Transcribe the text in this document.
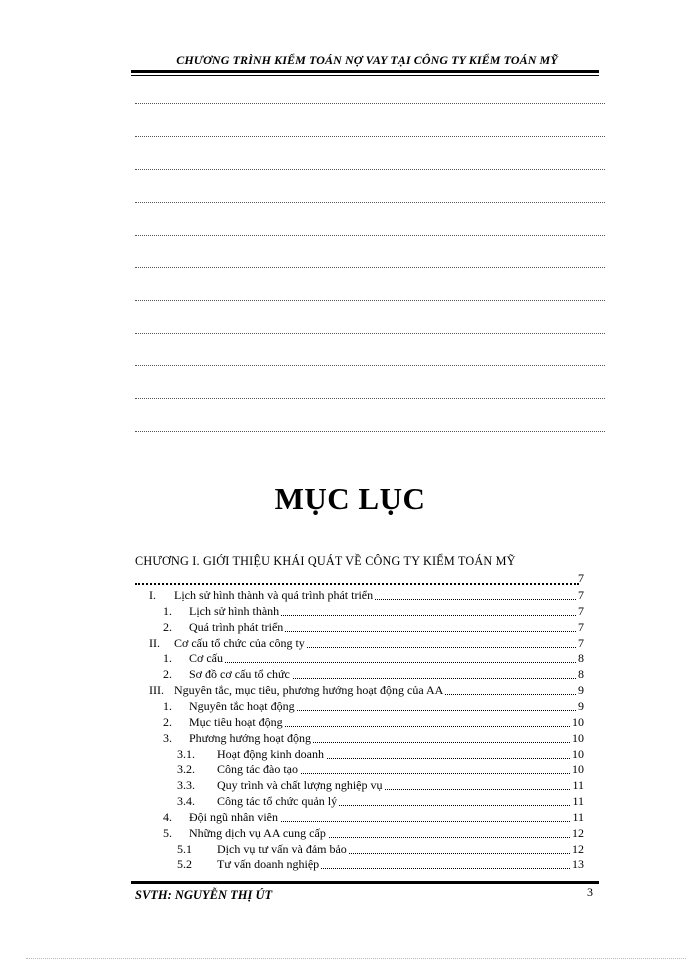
CHƯƠNG TRÌNH KIỂM TOÁN NỢ VAY TẠI CÔNG TY KIỂM TOÁN MỸ
MỤC LỤC
CHƯƠNG I. GIỚI THIỆU KHÁI QUÁT VỀ CÔNG TY KIỂM TOÁN MỸ
7
I. Lịch sử hình thành và quá trình phát triển	7
1. Lịch sử hình thành	7
2. Quá trình phát triển	7
II. Cơ cấu tổ chức của công ty	7
1. Cơ cấu	8
2. Sơ đồ cơ cấu tổ chức	8
III. Nguyên tắc, mục tiêu, phương hướng hoạt động của AA	9
1. Nguyên tắc hoạt động	9
2. Mục tiêu hoạt động	10
3. Phương hướng hoạt động	10
3.1. Hoạt động kinh doanh	10
3.2. Công tác đào tạo	10
3.3. Quy trình và chất lượng nghiệp vụ	11
3.4. Công tác tổ chức quản lý	11
4. Đội ngũ nhân viên	11
5. Những dịch vụ AA cung cấp	12
5.1 Dịch vụ tư vấn và đảm bảo	12
5.2 Tư vấn doanh nghiệp	13
SVTH: NGUYỄN THỊ ÚT	3
